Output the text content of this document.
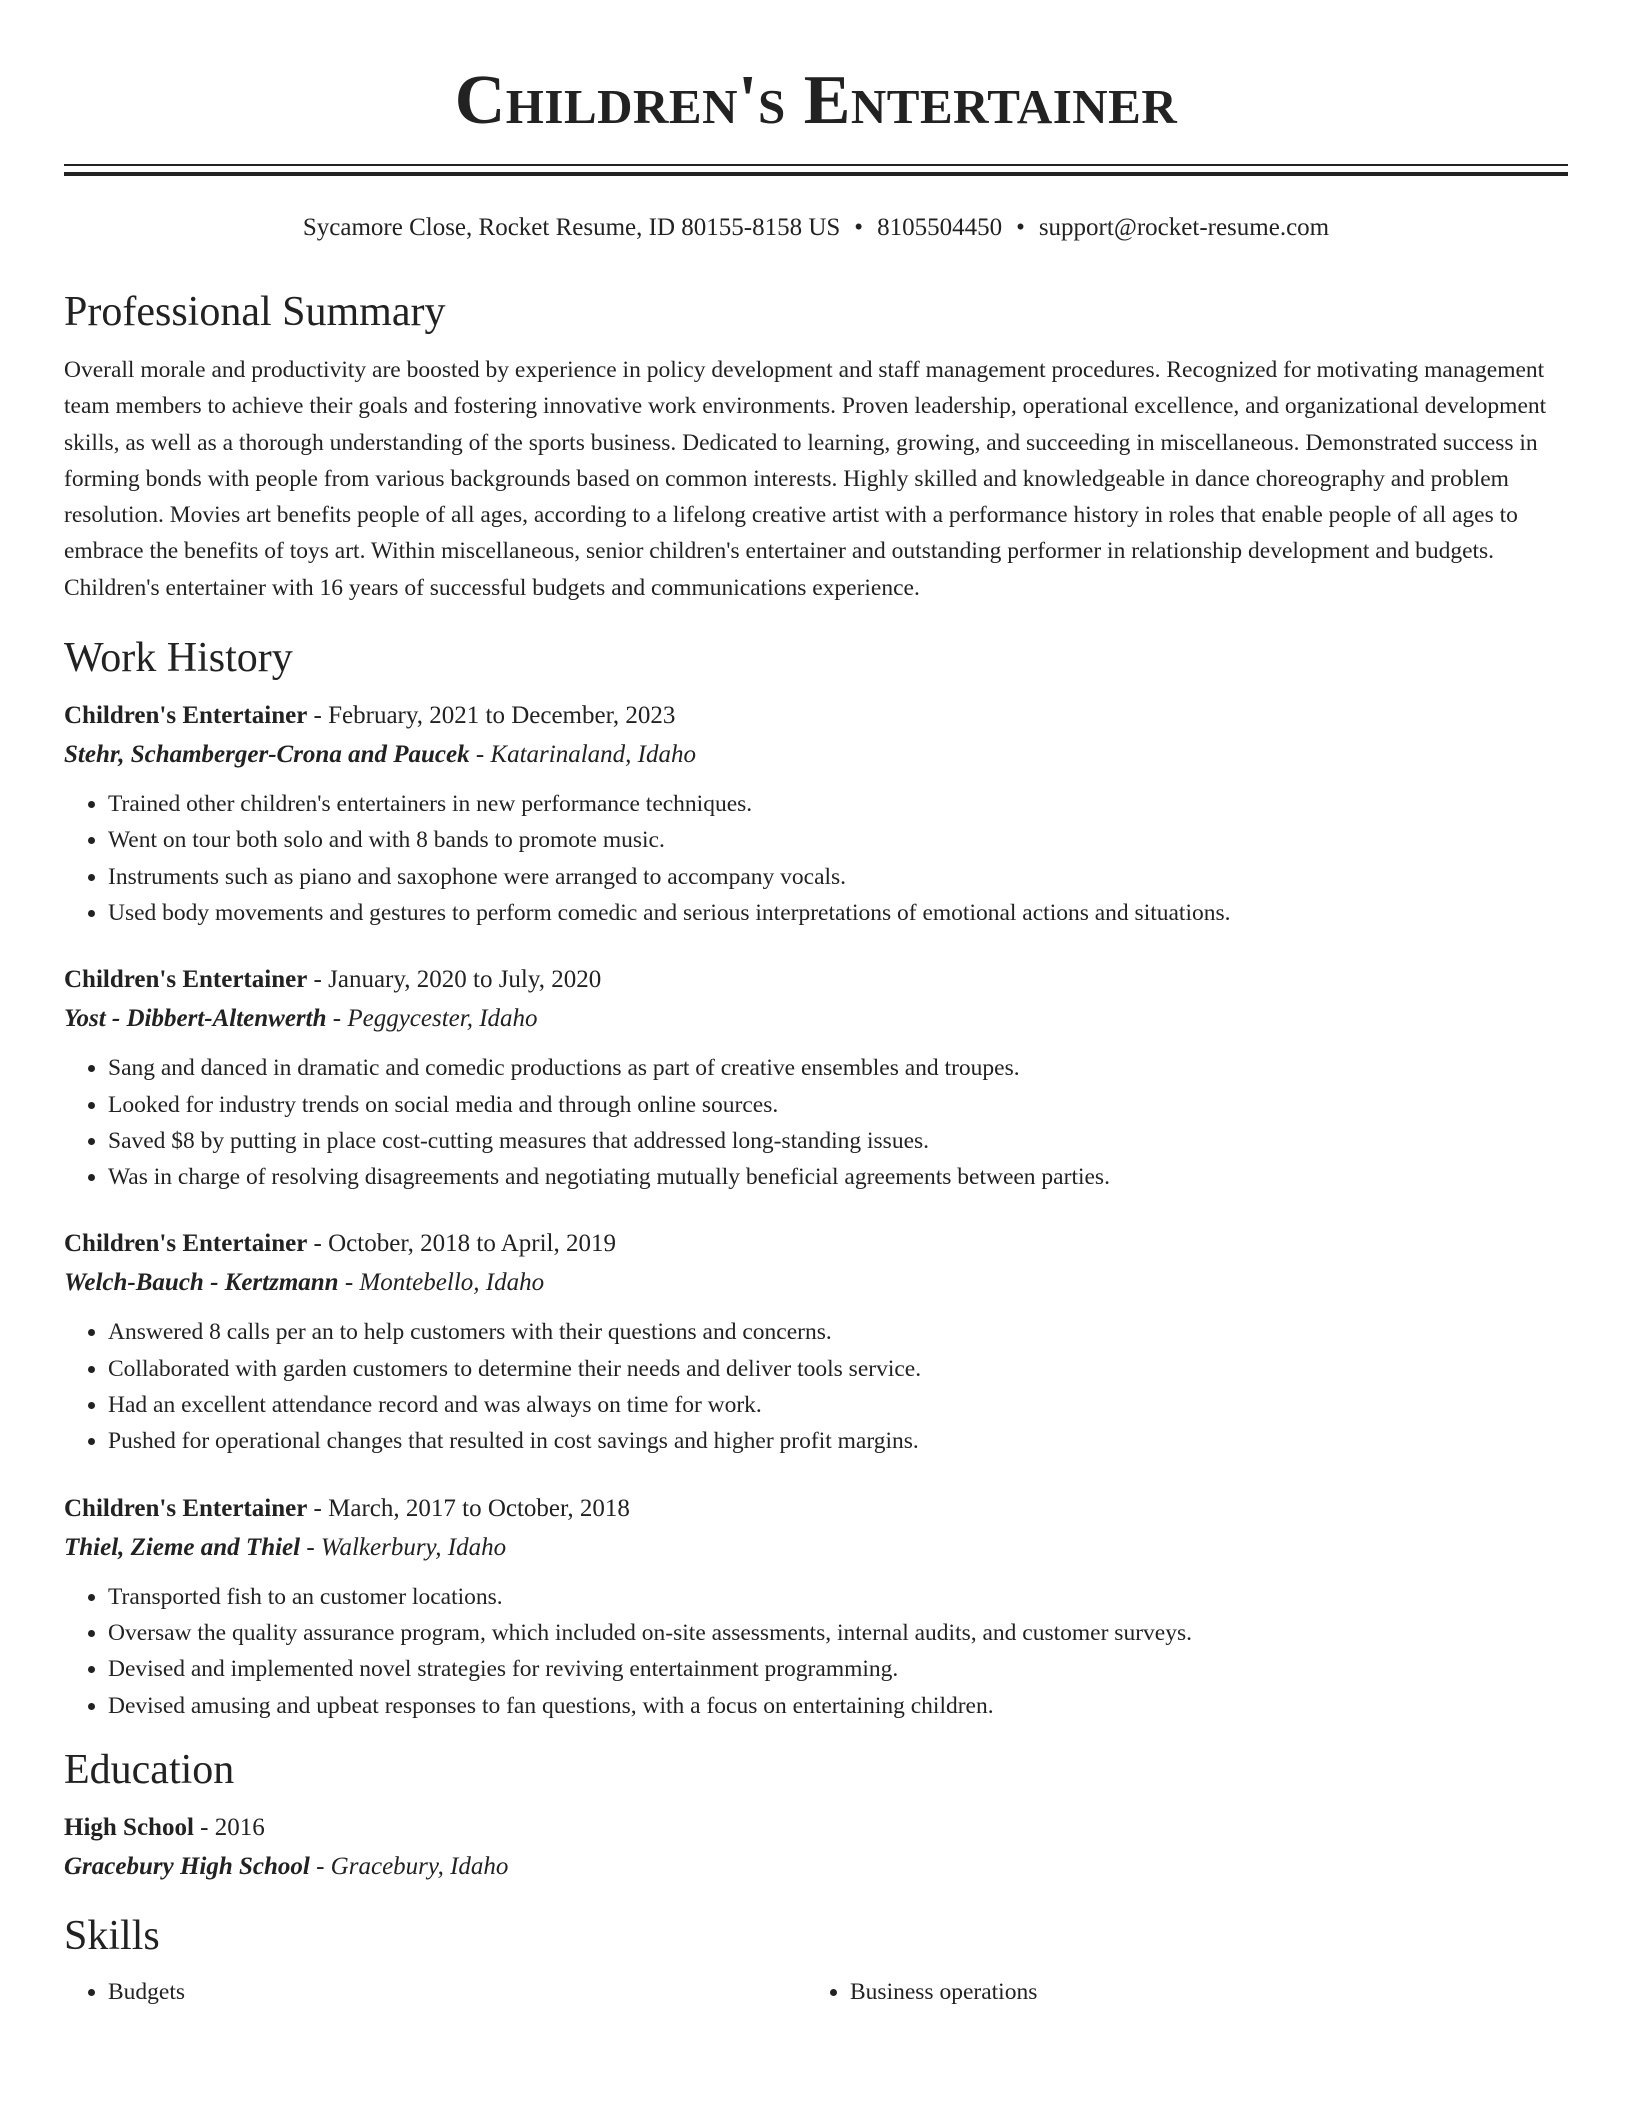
Children's Entertainer
Sycamore Close, Rocket Resume, ID 80155-8158 US • 8105504450 • support@rocket-resume.com
Professional Summary

Overall morale and productivity are boosted by experience in policy development and staff management procedures. Recognized for motivating management team members to achieve their goals and fostering innovative work environments. Proven leadership, operational excellence, and organizational development skills, as well as a thorough understanding of the sports business. Dedicated to learning, growing, and succeeding in miscellaneous. Demonstrated success in forming bonds with people from various backgrounds based on common interests. Highly skilled and knowledgeable in dance choreography and problem resolution. Movies art benefits people of all ages, according to a lifelong creative artist with a performance history in roles that enable people of all ages to embrace the benefits of toys art. Within miscellaneous, senior children's entertainer and outstanding performer in relationship development and budgets. Children's entertainer with 16 years of successful budgets and communications experience.

Work History
Children's Entertainer - February, 2021 to December, 2023
Stehr, Schamberger-Crona and Paucek - Katarinaland, Idaho
• Trained other children's entertainers in new performance techniques.
• Went on tour both solo and with 8 bands to promote music.
• Instruments such as piano and saxophone were arranged to accompany vocals.
• Used body movements and gestures to perform comedic and serious interpretations of emotional actions and situations.
Children's Entertainer - January, 2020 to July, 2020
Yost - Dibbert-Altenwerth - Peggycester, Idaho
• Sang and danced in dramatic and comedic productions as part of creative ensembles and troupes.
• Looked for industry trends on social media and through online sources.
• Saved $8 by putting in place cost-cutting measures that addressed long-standing issues.
• Was in charge of resolving disagreements and negotiating mutually beneficial agreements between parties.
Children's Entertainer - October, 2018 to April, 2019
Welch-Bauch - Kertzmann - Montebello, Idaho
• Answered 8 calls per an to help customers with their questions and concerns.
• Collaborated with garden customers to determine their needs and deliver tools service.
• Had an excellent attendance record and was always on time for work.
• Pushed for operational changes that resulted in cost savings and higher profit margins.
Children's Entertainer - March, 2017 to October, 2018
Thiel, Zieme and Thiel - Walkerbury, Idaho
• Transported fish to an customer locations.
• Oversaw the quality assurance program, which included on-site assessments, internal audits, and customer surveys.
• Devised and implemented novel strategies for reviving entertainment programming.
• Devised amusing and upbeat responses to fan questions, with a focus on entertaining children.
Education
High School - 2016
Gracebury High School - Gracebury, Idaho
Skills
• Budgets
•	Business operations
